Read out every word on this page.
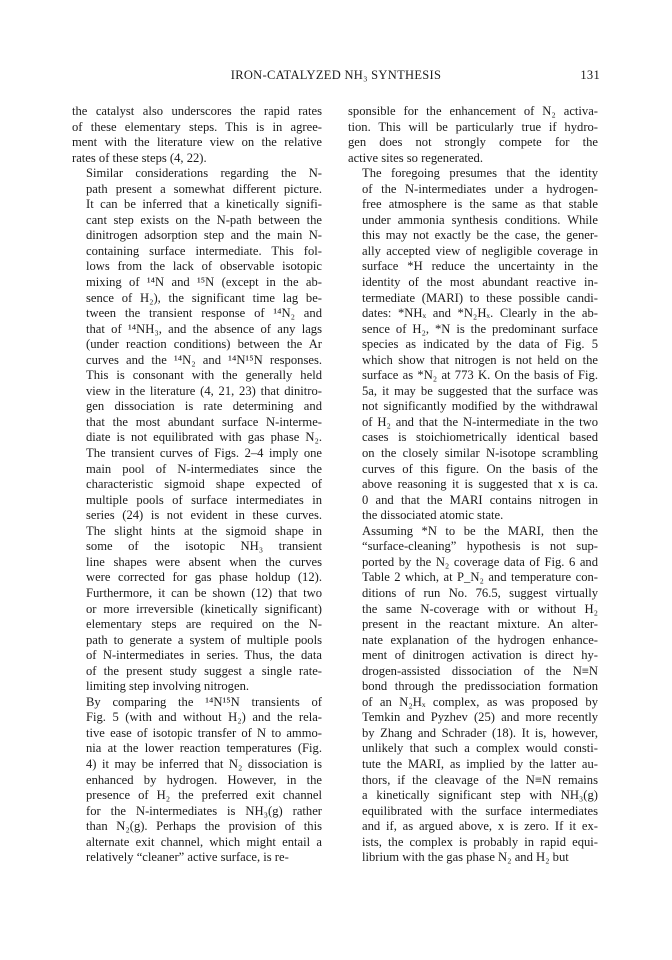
IRON-CATALYZED NH₃ SYNTHESIS	131

the catalyst also underscores the rapid rates
of these elementary steps. This is in agree-
ment with the literature view on the relative
rates of these steps (4, 22).

Similar considerations regarding the N-
path present a somewhat different picture.
It can be inferred that a kinetically signifi-
cant step exists on the N-path between the
dinitrogen adsorption step and the main N-
containing surface intermediate. This fol-
lows from the lack of observable isotopic
mixing of ¹⁴N and ¹⁵N (except in the ab-
sence of H₂), the significant time lag be-
tween the transient response of ¹⁴N₂ and
that of ¹⁴NH₃, and the absence of any lags
(under reaction conditions) between the Ar
curves and the ¹⁴N₂ and ¹⁴N¹⁵N responses.
This is consonant with the generally held
view in the literature (4, 21, 23) that dinitro-
gen dissociation is rate determining and
that the most abundant surface N-interme-
diate is not equilibrated with gas phase N₂.
The transient curves of Figs. 2–4 imply one
main pool of N-intermediates since the
characteristic sigmoid shape expected of
multiple pools of surface intermediates in
series (24) is not evident in these curves.
The slight hints at the sigmoid shape in
some of the isotopic NH₃ transient
line shapes were absent when the curves
were corrected for gas phase holdup (12).
Furthermore, it can be shown (12) that two
or more irreversible (kinetically significant)
elementary steps are required on the N-
path to generate a system of multiple pools
of N-intermediates in series. Thus, the data
of the present study suggest a single rate-
limiting step involving nitrogen.

By comparing the ¹⁴N¹⁵N transients of
Fig. 5 (with and without H₂) and the rela-
tive ease of isotopic transfer of N to ammo-
nia at the lower reaction temperatures (Fig.
4) it may be inferred that N₂ dissociation is
enhanced by hydrogen. However, in the
presence of H₂ the preferred exit channel
for the N-intermediates is NH₃(g) rather
than N₂(g). Perhaps the provision of this
alternate exit channel, which might entail a
relatively “cleaner” active surface, is re-

sponsible for the enhancement of N₂ activa-
tion. This will be particularly true if hydro-
gen does not strongly compete for the
active sites so regenerated.

The foregoing presumes that the identity
of the N-intermediates under a hydrogen-
free atmosphere is the same as that stable
under ammonia synthesis conditions. While
this may not exactly be the case, the gener-
ally accepted view of negligible coverage in
surface *H reduce the uncertainty in the
identity of the most abundant reactive in-
termediate (MARI) to these possible candi-
dates: *NHₓ and *N₂Hₓ. Clearly in the ab-
sence of H₂, *N is the predominant surface
species as indicated by the data of Fig. 5
which show that nitrogen is not held on the
surface as *N₂ at 773 K. On the basis of Fig.
5a, it may be suggested that the surface was
not significantly modified by the withdrawal
of H₂ and that the N-intermediate in the two
cases is stoichiometrically identical based
on the closely similar N-isotope scrambling
curves of this figure. On the basis of the
above reasoning it is suggested that x is ca.
0 and that the MARI contains nitrogen in
the dissociated atomic state.

Assuming *N to be the MARI, then the
“surface-cleaning” hypothesis is not sup-
ported by the N₂ coverage data of Fig. 6 and
Table 2 which, at P_N₂ and temperature con-
ditions of run No. 76.5, suggest virtually
the same N-coverage with or without H₂
present in the reactant mixture. An alter-
nate explanation of the hydrogen enhance-
ment of dinitrogen activation is direct hy-
drogen-assisted dissociation of the N≡N
bond through the predissociation formation
of an N₂Hₓ complex, as was proposed by
Temkin and Pyzhev (25) and more recently
by Zhang and Schrader (18). It is, however,
unlikely that such a complex would consti-
tute the MARI, as implied by the latter au-
thors, if the cleavage of the N≡N remains
a kinetically significant step with NH₃(g)
equilibrated with the surface intermediates
and if, as argued above, x is zero. If it ex-
ists, the complex is probably in rapid equi-
librium with the gas phase N₂ and H₂ but
